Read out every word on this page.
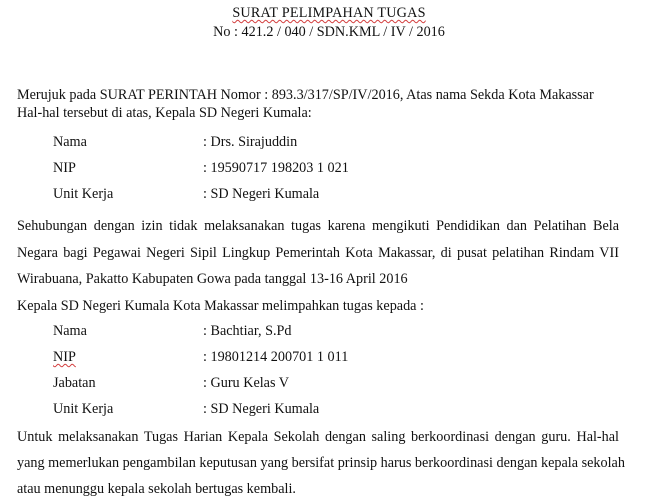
SURAT PELIMPAHAN TUGAS
No : 421.2 / 040 / SDN.KML / IV / 2016
Merujuk pada SURAT PERINTAH Nomor : 893.3/317/SP/IV/2016, Atas nama Sekda Kota Makassar
Hal-hal tersebut di atas, Kepala SD Negeri Kumala:
Nama	: Drs. Sirajuddin
NIP	: 19590717 198203 1 021
Unit Kerja	: SD Negeri Kumala
Sehubungan dengan izin tidak melaksanakan tugas karena mengikuti Pendidikan dan Pelatihan Bela
Negara bagi Pegawai Negeri Sipil Lingkup Pemerintah Kota Makassar, di pusat pelatihan Rindam VII
Wirabuana, Pakatto Kabupaten Gowa pada tanggal 13-16 April 2016
Kepala SD Negeri Kumala Kota Makassar melimpahkan tugas kepada :
Nama	: Bachtiar, S.Pd
NIP	: 19801214 200701 1 011
Jabatan	: Guru Kelas V
Unit Kerja	: SD Negeri Kumala
Untuk melaksanakan Tugas Harian Kepala Sekolah dengan saling berkoordinasi dengan guru. Hal-hal
yang memerlukan pengambilan keputusan yang bersifat prinsip harus berkoordinasi dengan kepala sekolah
atau menunggu kepala sekolah bertugas kembali.
